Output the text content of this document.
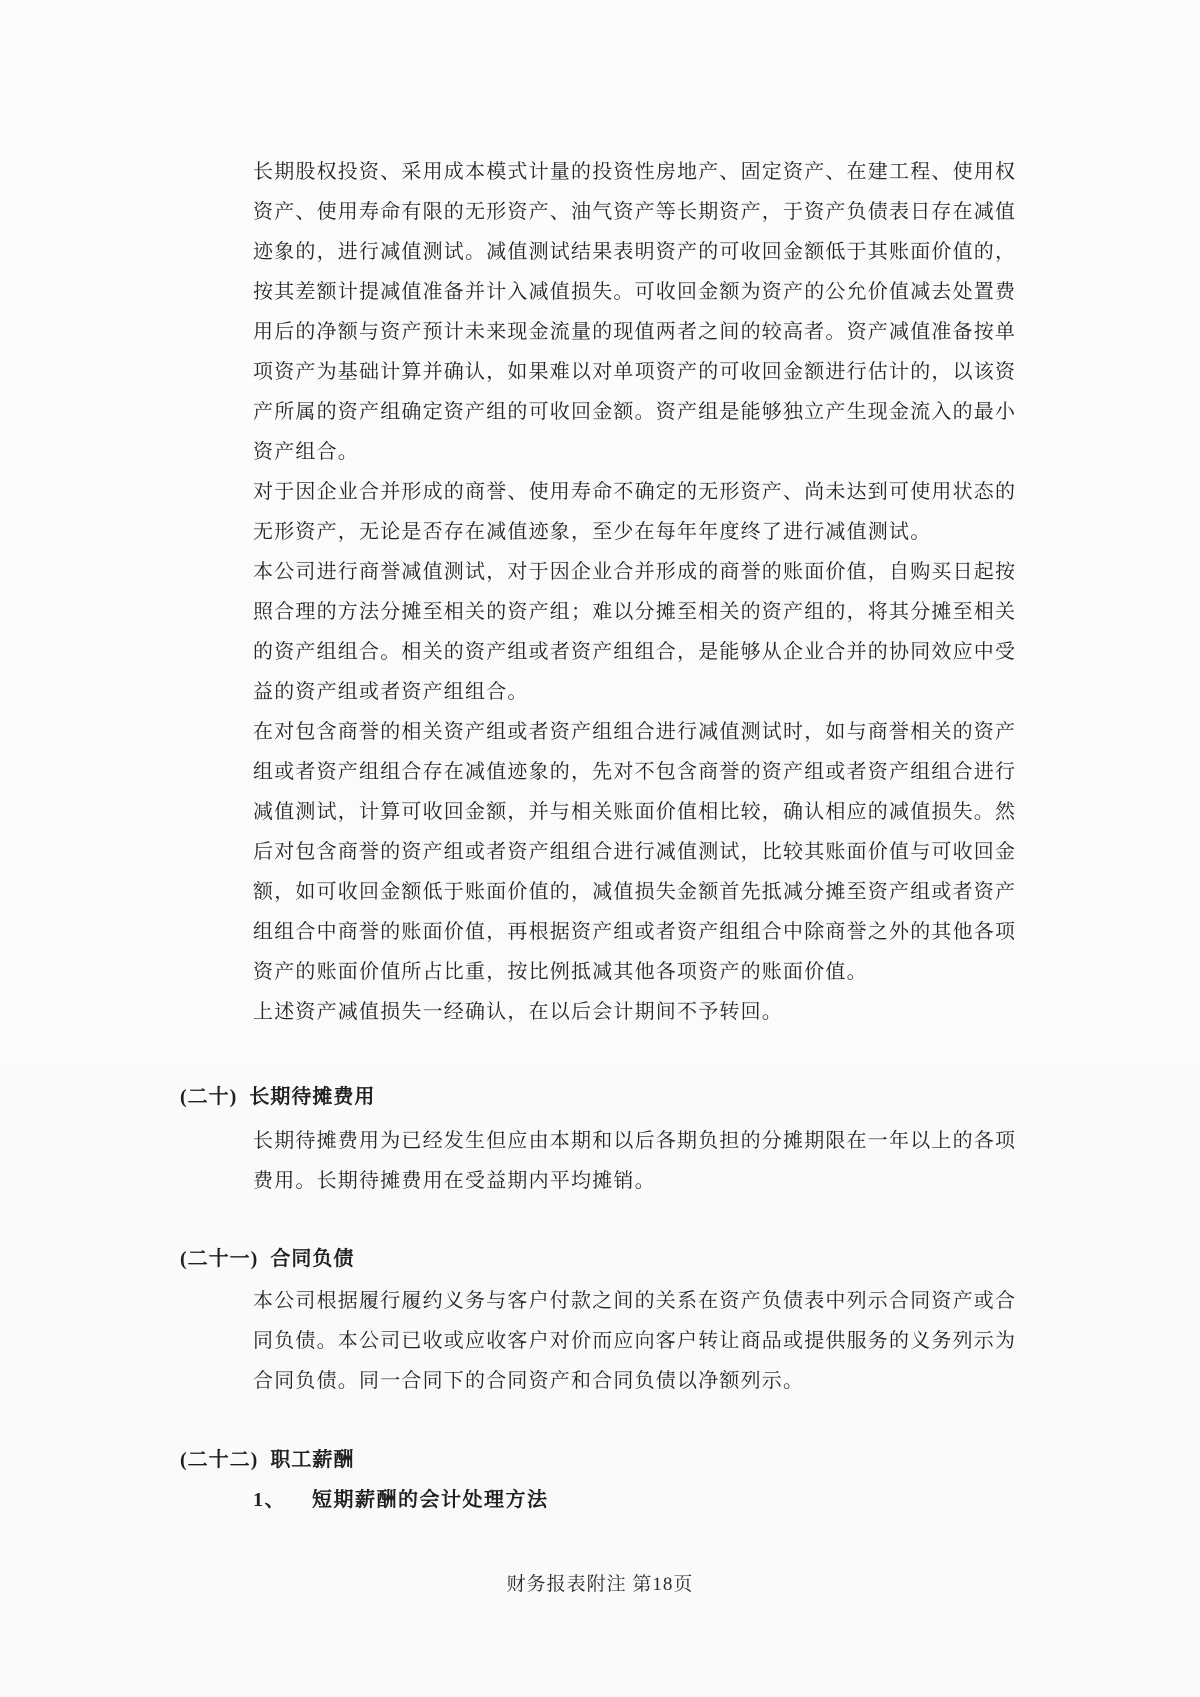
长期股权投资、采用成本模式计量的投资性房地产、固定资产、在建工程、使用权
资产、使用寿命有限的无形资产、油气资产等长期资产，于资产负债表日存在减值
迹象的，进行减值测试。减值测试结果表明资产的可收回金额低于其账面价值的，
按其差额计提减值准备并计入减值损失。可收回金额为资产的公允价值减去处置费
用后的净额与资产预计未来现金流量的现值两者之间的较高者。资产减值准备按单
项资产为基础计算并确认，如果难以对单项资产的可收回金额进行估计的，以该资
产所属的资产组确定资产组的可收回金额。资产组是能够独立产生现金流入的最小
资产组合。
对于因企业合并形成的商誉、使用寿命不确定的无形资产、尚未达到可使用状态的
无形资产，无论是否存在减值迹象，至少在每年年度终了进行减值测试。
本公司进行商誉减值测试，对于因企业合并形成的商誉的账面价值，自购买日起按
照合理的方法分摊至相关的资产组；难以分摊至相关的资产组的，将其分摊至相关
的资产组组合。相关的资产组或者资产组组合，是能够从企业合并的协同效应中受
益的资产组或者资产组组合。
在对包含商誉的相关资产组或者资产组组合进行减值测试时，如与商誉相关的资产
组或者资产组组合存在减值迹象的，先对不包含商誉的资产组或者资产组组合进行
减值测试，计算可收回金额，并与相关账面价值相比较，确认相应的减值损失。然
后对包含商誉的资产组或者资产组组合进行减值测试，比较其账面价值与可收回金
额，如可收回金额低于账面价值的，减值损失金额首先抵减分摊至资产组或者资产
组组合中商誉的账面价值，再根据资产组或者资产组组合中除商誉之外的其他各项
资产的账面价值所占比重，按比例抵减其他各项资产的账面价值。
上述资产减值损失一经确认，在以后会计期间不予转回。
(二十) 长期待摊费用
长期待摊费用为已经发生但应由本期和以后各期负担的分摊期限在一年以上的各项
费用。长期待摊费用在受益期内平均摊销。
(二十一) 合同负债
本公司根据履行履约义务与客户付款之间的关系在资产负债表中列示合同资产或合
同负债。本公司已收或应收客户对价而应向客户转让商品或提供服务的义务列示为
合同负债。同一合同下的合同资产和合同负债以净额列示。
(二十二) 职工薪酬
1、 短期薪酬的会计处理方法
财务报表附注 第18页
